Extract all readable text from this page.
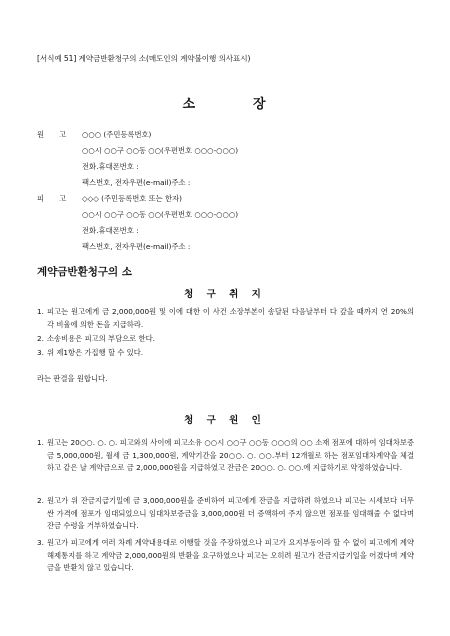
[서식예 51] 계약금반환청구의 소(매도인의 계약불이행 의사표시)
소	장
원 고	○○○ (주민등록번호)
○○시 ○○구 ○○동 ○○(우편번호 ○○○-○○○)
전화․휴대폰번호 :
팩스번호, 전자우편(e-mail)주소 :
피 고	◇◇◇ (주민등록번호 또는 한자)
○○시 ○○구 ○○동 ○○(우편번호 ○○○-○○○)
전화․휴대폰번호 :
팩스번호, 전자우편(e-mail)주소 :
계약금반환청구의 소
청 구 취 지
1. 피고는 원고에게 금 2,000,000원 및 이에 대한 이 사건 소장부본이 송달된 다음날부터 다 갚을 때까지 연 20%의 각 비율에 의한 돈을 지급하라.
2. 소송비용은 피고의 부담으로 한다.
3. 위 제1항은 가집행 할 수 있다.
라는 판결을 원합니다.
청 구 원 인
1. 원고는 20○○. ○. ○. 피고와의 사이에 피고소유 ○○시 ○○구 ○○동 ○○○의 ○○ 소재 점포에 대하여 임대차보증금 5,000,000원, 월세 금 1,300,000원, 계약기간을 20○○. ○. ○○.부터 12개월로 하는 점포임대차계약을 체결하고 같은 날 계약금으로 금 2,000,000원을 지급하였고 잔금은 20○○. ○. ○○.에 지급하기로 약정하였습니다.
2. 원고가 위 잔금지급기일에 금 3,000,000원을 준비하여 피고에게 잔금을 지급하려 하였으나 피고는 시세보다 너무 싼 가격에 점포가 임대되었으니 임대차보증금을 3,000,000원 더 증액하여 주지 않으면 점포를 임대해줄 수 없다며 잔금 수령을 거부하였습니다.
3. 원고가 피고에게 여러 차례 계약내용대로 이행할 것을 주장하였으나 피고가 요지부동이라 할 수 없이 피고에게 계약해제통지를 하고 계약금 2,000,000원의 반환을 요구하였으나 피고는 오히려 원고가 잔금지급기일을 어겼다며 계약금을 반환치 않고 있습니다.
